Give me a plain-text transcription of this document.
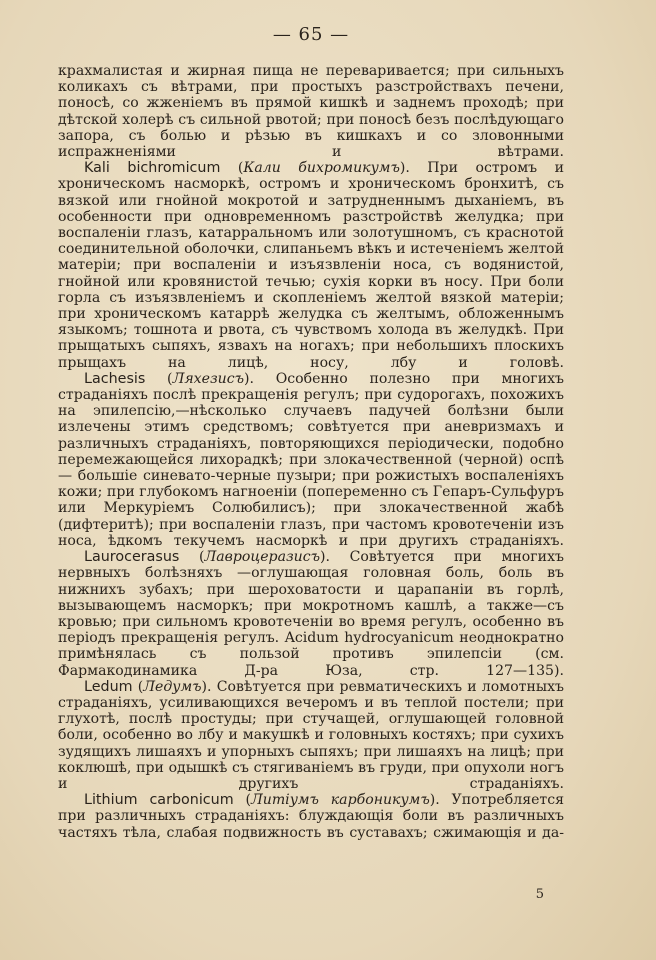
— 65 —

крахмалистая и жирная пища не переваривается; при сильныхъ коликахъ съ вѣтрами, при простыхъ разстройствахъ печени, поносѣ, со жженіемъ въ прямой кишкѣ и заднемъ проходѣ; при дѣтской холерѣ съ сильной рвотой; при поносѣ безъ послѣдующаго запора, съ болью и рѣзью въ кишкахъ и со зловонными испражненіями и вѣтрами.

Kali bichromicum (Кали бихромикумъ). При остромъ и хроническомъ насморкѣ, остромъ и хроническомъ бронхитѣ, съ вязкой или гнойной мокротой и затрудненнымъ дыханіемъ, въ особенности при одновременномъ разстройствѣ желудка; при воспаленіи глазъ, катарральномъ или золотушномъ, съ краснотой соединительной оболочки, слипаньемъ вѣкъ и истеченіемъ желтой матеріи; при воспаленіи и изъязвленіи носа, съ водянистой, гнойной или кровянистой течью; сухія корки въ носу. При боли горла съ изъязвленіемъ и скопленіемъ желтой вязкой матеріи; при хроническомъ катаррѣ желудка съ желтымъ, обложеннымъ языкомъ; тошнота и рвота, съ чувствомъ холода въ желудкѣ. При прыщатыхъ сыпяхъ, язвахъ на ногахъ; при небольшихъ плоскихъ прыщахъ на лицѣ, носу, лбу и головѣ.

Lachesis (Ляхезисъ). Особенно полезно при многихъ страданіяхъ послѣ прекращенія регулъ; при судорогахъ, похожихъ на эпилепсію,—нѣсколько случаевъ падучей болѣзни были излечены этимъ средствомъ; совѣтуется при аневризмахъ и различныхъ страданіяхъ, повторяющихся періодически, подобно перемежающейся лихорадкѣ; при злокачественной (черной) оспѣ — большіе синевато-черные пузыри; при рожистыхъ воспаленіяхъ кожи; при глубокомъ нагноеніи (попеременно съ Гепаръ-Сульфуръ или Меркуріемъ Солюбилисъ); при злокачественной жабѣ (дифтеритѣ); при воспаленіи глазъ, при частомъ кровотеченіи изъ носа, ѣдкомъ текучемъ насморкѣ и при другихъ страданіяхъ.

Laurocerasus (Лавроцеразисъ). Совѣтуется при многихъ нервныхъ болѣзняхъ —оглушающая головная боль, боль въ нижнихъ зубахъ; при шероховатости и царапаніи въ горлѣ, вызывающемъ насморкъ; при мокротномъ кашлѣ, а также—съ кровью; при сильномъ кровотеченіи во время регулъ, особенно въ періодъ прекращенія регулъ. Acidum hydrocyanicum неоднократно примѣнялась съ пользой противъ эпилепсіи (см. Фармакодинамика Д-ра Юза, стр. 127—135).

Ledum (Ледумъ). Совѣтуется при ревматическихъ и ломотныхъ страданіяхъ, усиливающихся вечеромъ и въ теплой постели; при глухотѣ, послѣ простуды; при стучащей, оглушающей головной боли, особенно во лбу и макушкѣ и головныхъ костяхъ; при сухихъ зудящихъ лишаяхъ и упорныхъ сыпяхъ; при лишаяхъ на лицѣ; при коклюшѣ, при одышкѣ съ стягиваніемъ въ груди, при опухоли ногъ и другихъ страданіяхъ.

Lithium carbonicum (Литіумъ карбоникумъ). Употребляется при различныхъ страданіяхъ: блуждающія боли въ различныхъ частяхъ тѣла, слабая подвижность въ суставахъ; сжимающія и да-

5
